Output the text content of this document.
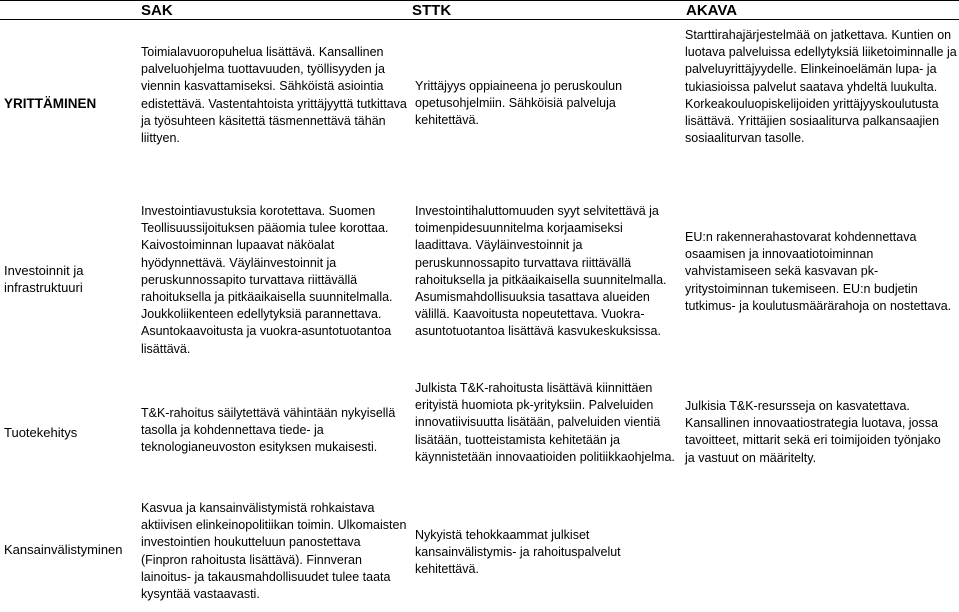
SAK	STTK	AKAVA
YRITTÄMINEN
Toimialavuoropuhelua lisättävä. Kansallinen palveluohjelma tuottavuuden, työllisyyden ja viennin kasvattamiseksi. Sähköistä asiointia edistettävä. Vastentahtoista yrittäjyyttä tutkittava ja työsuhteen käsitettä täsmennettävä tähän liittyen.
Yrittäjyys oppiaineena jo peruskoulun opetusohjelmiin. Sähköisiä palveluja kehitettävä.
Starttirahajärjestelmää on jatkettava. Kuntien on luotava palveluissa edellytyksiä liiketoiminnalle ja palveluyrittäjyydelle. Elinkeinoelämän lupa- ja tukiasioissa palvelut saatava yhdeltä luukulta. Korkeakouluopiskelijoiden yrittäjyyskoulutusta lisättävä. Yrittäjien sosiaaliturva palkansaajien sosiaaliturvan tasolle.
Investoinnit ja infrastruktuuri
Investointiavustuksia korotettava. Suomen Teollisuussijoituksen pääomia tulee korottaa. Kaivostoiminnan lupaavat näköalat hyödynnettävä. Väyläinvestoinnit ja peruskunnossapito turvattava riittävällä rahoituksella ja pitkäaikaisella suunnitelmalla. Joukkoliikenteen edellytyksiä parannettava. Asuntokaavoitusta ja vuokra-asuntotuotantoa lisättävä.
Investointihaluttomuuden syyt selvitettävä ja toimenpidesuunnitelma korjaamiseksi laadittava. Väyläinvestoinnit ja peruskunnossapito turvattava riittävällä rahoituksella ja pitkäaikaisella suunnitelmalla. Asumismahdollisuuksia tasattava alueiden välillä. Kaavoitusta nopeutettava. Vuokra-asuntotuotantoa lisättävä kasvukeskuksissa.
EU:n rakennerahastovarat kohdennettava osaamisen ja innovaatiotoiminnan vahvistamiseen sekä kasvavan pk-yritystoiminnan tukemiseen. EU:n budjetin tutkimus- ja koulutusmäärärahoja on nostettava.
Tuotekehitys
T&K-rahoitus säilytettävä vähintään nykyisellä tasolla ja kohdennettava tiede- ja teknologianeuvoston esityksen mukaisesti.
Julkista T&K-rahoitusta lisättävä kiinnittäen erityistä huomiota pk-yrityksiin. Palveluiden innovatiivisuutta lisätään, palveluiden vientiä lisätään, tuotteistamista kehitetään ja käynnistetään innovaatioiden politiikkaohjelma.
Julkisia T&K-resursseja on kasvatettava. Kansallinen innovaatiostrategia luotava, jossa tavoitteet, mittarit sekä eri toimijoiden työnjako ja vastuut on määritelty.
Kansainvälistyminen
Kasvua ja kansainvälistymistä rohkaistava aktiivisen elinkeinopolitiikan toimin. Ulkomaisten investointien houkutteluun panostettava (Finpron rahoitusta lisättävä). Finnveran lainoitus- ja takausmahdollisuudet tulee taata kysyntää vastaavasti.
Nykyistä tehokkaammat julkiset kansainvälistymis- ja rahoituspalvelut kehitettävä.
